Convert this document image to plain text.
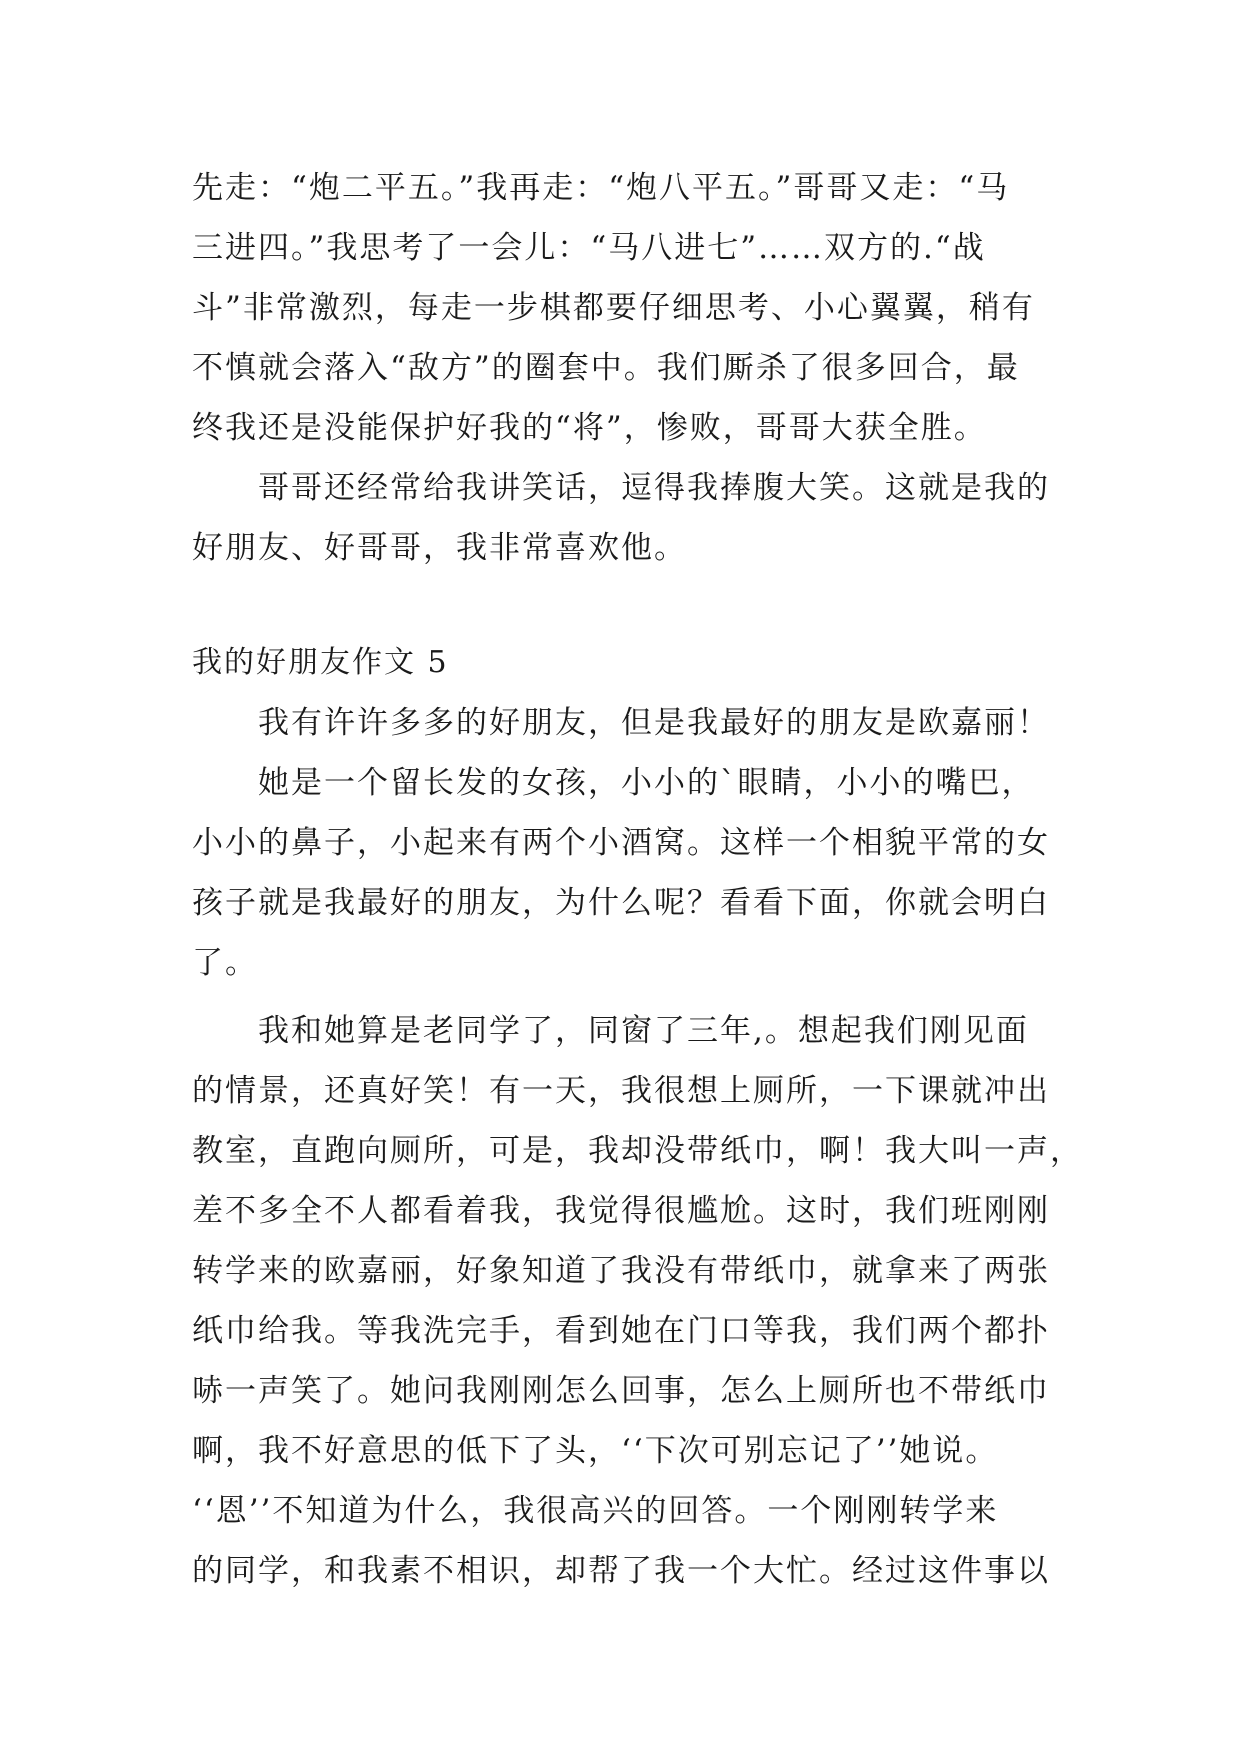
先走：“炮二平五。”我再走：“炮八平五。”哥哥又走：“马
三进四。”我思考了一会儿：“马八进七”……双方的.“战
斗”非常激烈，每走一步棋都要仔细思考、小心翼翼，稍有
不慎就会落入“敌方”的圈套中。我们厮杀了很多回合，最
终我还是没能保护好我的“将”，惨败，哥哥大获全胜。
哥哥还经常给我讲笑话，逗得我捧腹大笑。这就是我的
好朋友、好哥哥，我非常喜欢他。
我的好朋友作文 5
我有许许多多的好朋友，但是我最好的朋友是欧嘉丽！
她是一个留长发的女孩，小小的`眼睛，小小的嘴巴，
小小的鼻子，小起来有两个小酒窝。这样一个相貌平常的女
孩子就是我最好的朋友，为什么呢？看看下面，你就会明白
了。
我和她算是老同学了，同窗了三年,。想起我们刚见面
的情景，还真好笑！有一天，我很想上厕所，一下课就冲出
教室，直跑向厕所，可是，我却没带纸巾，啊！我大叫一声，
差不多全不人都看着我，我觉得很尴尬。这时，我们班刚刚
转学来的欧嘉丽，好象知道了我没有带纸巾，就拿来了两张
纸巾给我。等我洗完手，看到她在门口等我，我们两个都扑
哧一声笑了。她问我刚刚怎么回事，怎么上厕所也不带纸巾
啊，我不好意思的低下了头，‘‘下次可别忘记了’’她说。
‘‘恩’’不知道为什么，我很高兴的回答。一个刚刚转学来
的同学，和我素不相识，却帮了我一个大忙。经过这件事以
